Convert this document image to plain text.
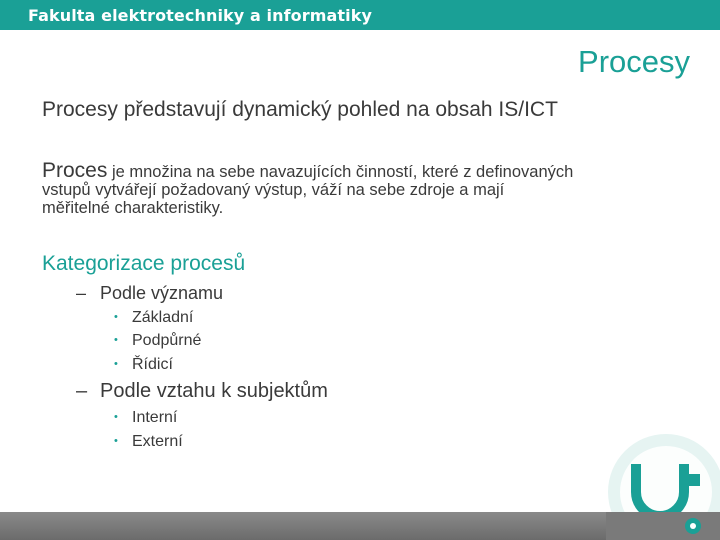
Fakulta elektrotechniky a informatiky
Procesy
Procesy představují dynamický pohled na obsah IS/ICT
Proces je množina na sebe navazujících činností, které z definovaných
vstupů vytvářejí požadovaný výstup, váží na sebe zdroje a mají
měřitelné charakteristiky.
Kategorizace procesů
– Podle významu
• Základní
• Podpůrné
• Řídicí
– Podle vztahu k subjektům
• Interní
• Externí
